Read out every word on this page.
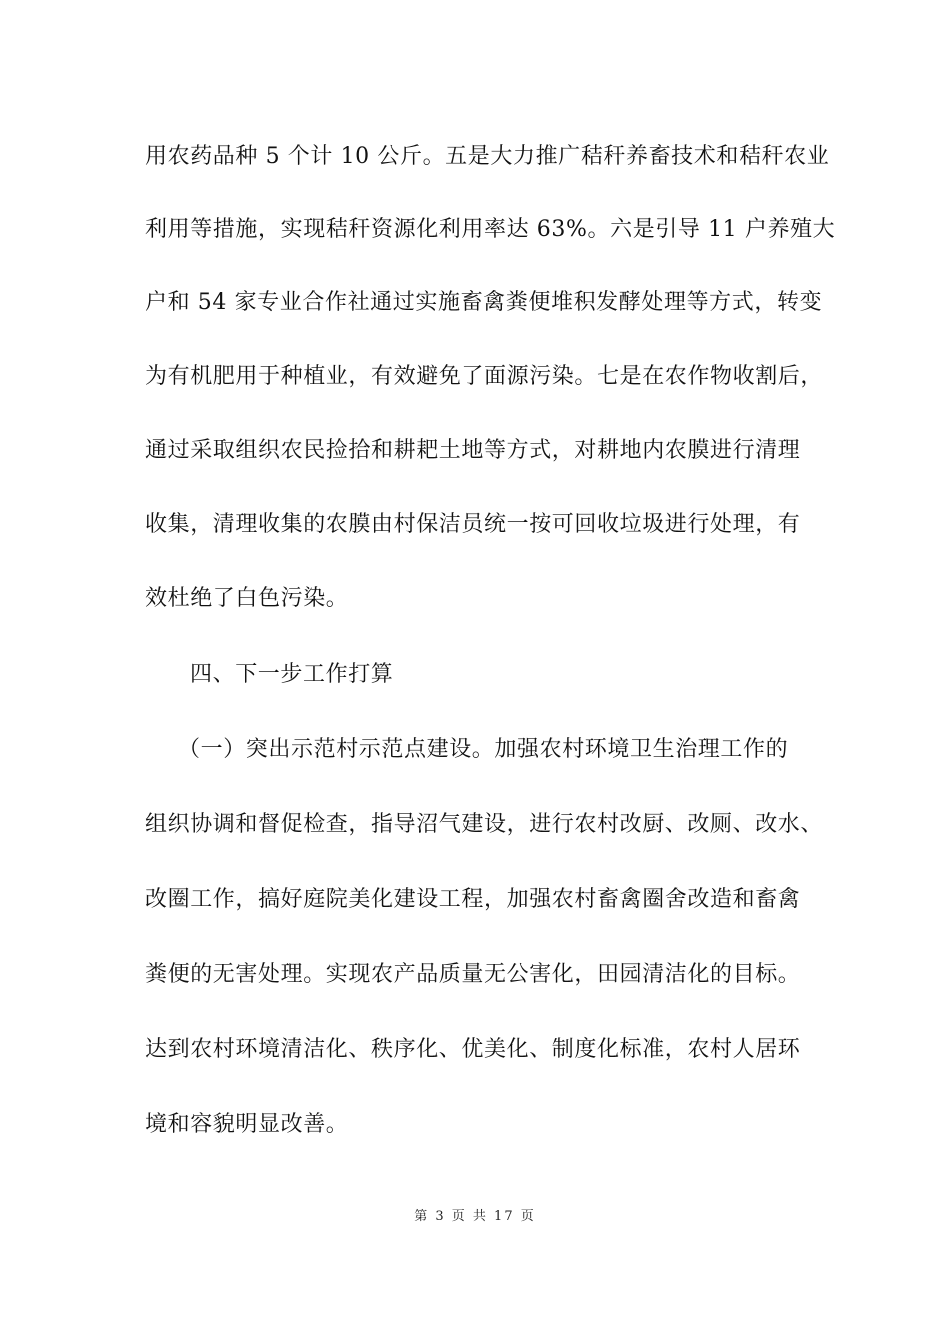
用农药品种 5 个计 10 公斤。五是大力推广秸秆养畜技术和秸秆农业
利用等措施，实现秸秆资源化利用率达 63%。六是引导 11 户养殖大
户和 54 家专业合作社通过实施畜禽粪便堆积发酵处理等方式，转变
为有机肥用于种植业，有效避免了面源污染。七是在农作物收割后，
通过采取组织农民捡拾和耕耙土地等方式，对耕地内农膜进行清理
收集，清理收集的农膜由村保洁员统一按可回收垃圾进行处理，有
效杜绝了白色污染。
四、下一步工作打算
（一）突出示范村示范点建设。加强农村环境卫生治理工作的
组织协调和督促检查，指导沼气建设，进行农村改厨、改厕、改水、
改圈工作，搞好庭院美化建设工程，加强农村畜禽圈舍改造和畜禽
粪便的无害处理。实现农产品质量无公害化，田园清洁化的目标。
达到农村环境清洁化、秩序化、优美化、制度化标准，农村人居环
境和容貌明显改善。
第 3 页 共 17 页
